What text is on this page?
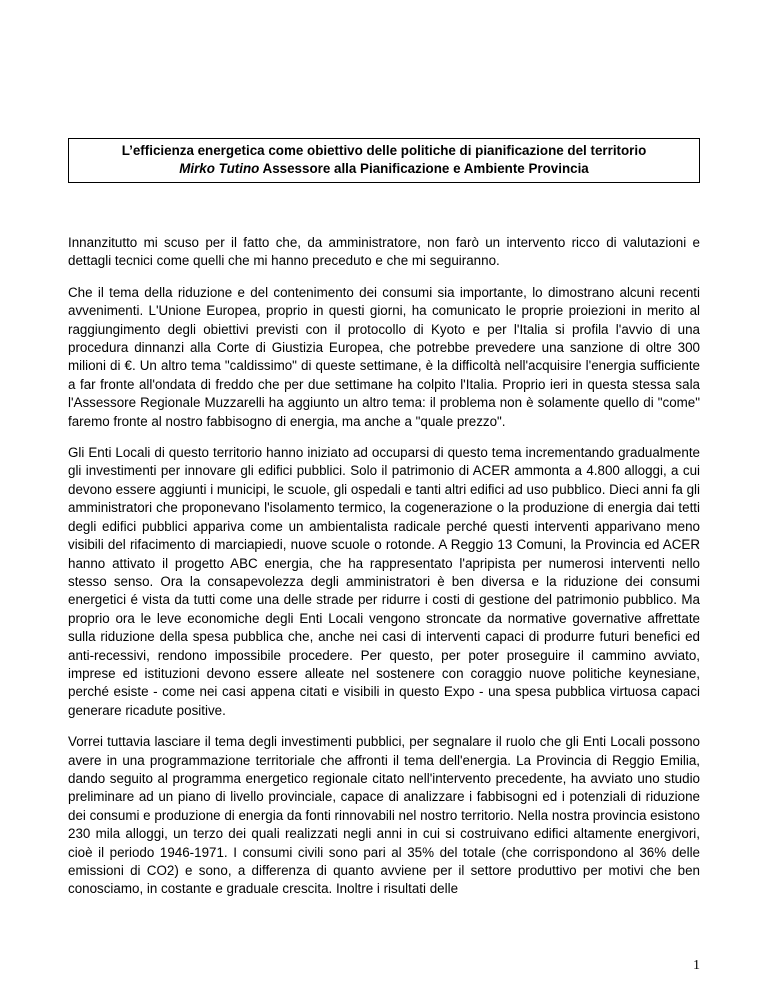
L’efficienza energetica come obiettivo delle politiche di pianificazione del territorio
Mirko Tutino Assessore alla Pianificazione e Ambiente Provincia

Innanzitutto mi scuso per il fatto che, da amministratore, non farò un intervento ricco di valutazioni e dettagli tecnici come quelli che mi hanno preceduto e che mi seguiranno.

Che il tema della riduzione e del contenimento dei consumi sia importante, lo dimostrano alcuni recenti avvenimenti. L'Unione Europea, proprio in questi giorni, ha comunicato le proprie proiezioni in merito al raggiungimento degli obiettivi previsti con il protocollo di Kyoto e per l'Italia si profila l'avvio di una procedura dinnanzi alla Corte di Giustizia Europea, che potrebbe prevedere una sanzione di oltre 300 milioni di €. Un altro tema "caldissimo" di queste settimane, è la difficoltà nell'acquisire l'energia sufficiente a far fronte all'ondata di freddo che per due settimane ha colpito l'Italia. Proprio ieri in questa stessa sala l'Assessore Regionale Muzzarelli ha aggiunto un altro tema: il problema non è solamente quello di "come" faremo fronte al nostro fabbisogno di energia, ma anche a "quale prezzo".

Gli Enti Locali di questo territorio hanno iniziato ad occuparsi di questo tema incrementando gradualmente gli investimenti per innovare gli edifici pubblici. Solo il patrimonio di ACER ammonta a 4.800 alloggi, a cui devono essere aggiunti i municipi, le scuole, gli ospedali e tanti altri edifici ad uso pubblico. Dieci anni fa gli amministratori che proponevano l'isolamento termico, la cogenerazione o la produzione di energia dai tetti degli edifici pubblici appariva come un ambientalista radicale perché questi interventi apparivano meno visibili del rifacimento di marciapiedi, nuove scuole o rotonde. A Reggio 13 Comuni, la Provincia ed ACER hanno attivato il progetto ABC energia, che ha rappresentato l'apripista per numerosi interventi nello stesso senso. Ora la consapevolezza degli amministratori è ben diversa e la riduzione dei consumi energetici é vista da tutti come una delle strade per ridurre i costi di gestione del patrimonio pubblico. Ma proprio ora le leve economiche degli Enti Locali vengono stroncate da normative governative affrettate sulla riduzione della spesa pubblica che, anche nei casi di interventi capaci di produrre futuri benefici ed anti-recessivi, rendono impossibile procedere. Per questo, per poter proseguire il cammino avviato, imprese ed istituzioni devono essere alleate nel sostenere con coraggio nuove politiche keynesiane, perché esiste - come nei casi appena citati e visibili in questo Expo - una spesa pubblica virtuosa capaci generare ricadute positive.

Vorrei tuttavia lasciare il tema degli investimenti pubblici, per segnalare il ruolo che gli Enti Locali possono avere in una programmazione territoriale che affronti il tema dell'energia. La Provincia di Reggio Emilia, dando seguito al programma energetico regionale citato nell'intervento precedente, ha avviato uno studio preliminare ad un piano di livello provinciale, capace di analizzare i fabbisogni ed i potenziali di riduzione dei consumi e produzione di energia da fonti rinnovabili nel nostro territorio. Nella nostra provincia esistono 230 mila alloggi, un terzo dei quali realizzati negli anni in cui si costruivano edifici altamente energivori, cioè il periodo 1946-1971. I consumi civili sono pari al 35% del totale (che corrispondono al 36% delle emissioni di CO2) e sono, a differenza di quanto avviene per il settore produttivo per motivi che ben conosciamo, in costante e graduale crescita. Inoltre i risultati delle

1
